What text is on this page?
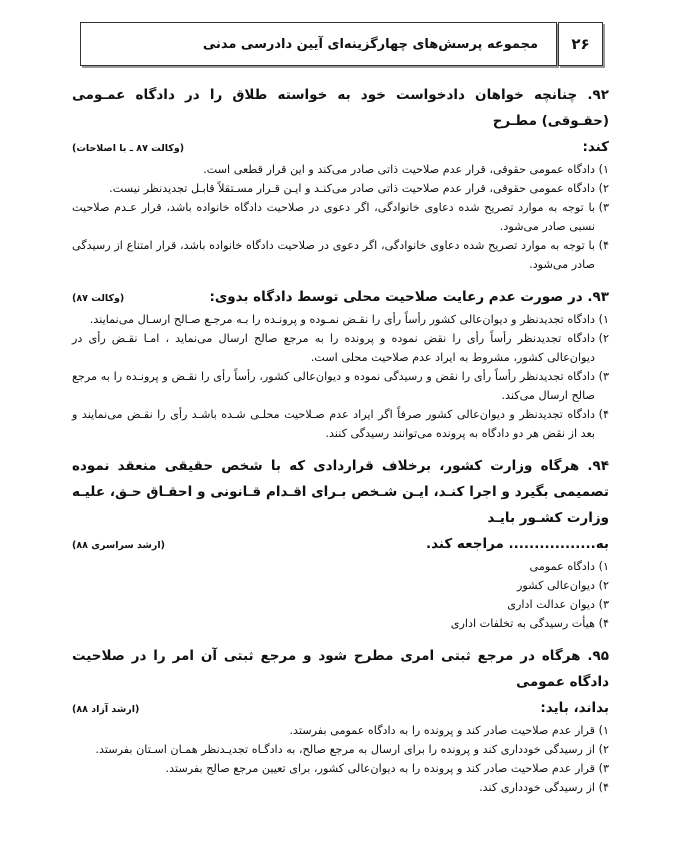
مجموعه پرسش‌های چهارگزینه‌ای آیین دادرسی مدنی ۲۶
۹۲. چنانچه خواهان دادخواست خود به خواسته طلاق را در دادگاه عمـومی (حقـوقی) مطـرح
کند:
(وکالت ۸۷ ـ با اصلاحات)
۱)
دادگاه عمومی حقوقی، قرار عدم صلاحیت ذاتی صادر می‌کند و این قرار قطعی است.
۲)
دادگاه عمومی حقوقی، قرار عدم صلاحیت ذاتی صادر می‌کنـد و ایـن قـرار مسـتقلاً قابـل تجدیدنظر نیست.
۳)
با توجه به موارد تصریح شده دعاوی خانوادگی، اگر دعوی در صلاحیت دادگاه خانواده باشد، قرار عـدم صلاحیت نسبی صادر می‌شود.
۴)
با توجه به موارد تصریح شده دعاوی خانوادگی، اگر دعوی در صلاحیت دادگاه خانواده باشد، قرار امتناع از رسیدگی صادر می‌شود.
۹۳. در صورت عدم رعایت صلاحیت محلی توسط دادگاه بدوی:
(وکالت ۸۷)
۱)
دادگاه تجدیدنظر و دیوان‌عالی کشور رأساً رأی را نقـض نمـوده و پرونـده را بـه مرجـع صـالح ارسـال می‌نمایند.
۲)
دادگاه تجدیدنظر رأساً رأی را نقض نموده و پرونده را به مرجع صالح ارسال می‌نماید ، امـا نقـض رأی در دیوان‌عالی کشور، مشروط به ایراد عدم صلاحیت محلی است.
۳)
دادگاه تجدیدنظر رأساً رأی را نقض و رسیدگی نموده و دیوان‌عالی کشور، رأساً رأی را نقـض و پرونـده را به مرجع صالح ارسال می‌کند.
۴)
دادگاه تجدیدنظر و دیوان‌عالی کشور صرفاً اگر ایراد عدم صـلاحیت محلـی شـده باشـد رأی را نقـض می‌نمایند و بعد از نقض هر دو دادگاه به پرونده می‌توانند رسیدگی کنند.
۹۴. هرگاه وزارت کشور، برخلاف قراردادی که با شخص حقیقی منعقد نموده تصمیمی بگیرد و اجرا کنـد، ایـن شـخص بـرای اقـدام قـانونی و احقـاق حـق، علیـه وزارت کشـور بایـد
به................. مراجعه کند.
(ارشد سراسری ۸۸)
۱)
دادگاه عمومی
۲)
دیوان‌عالی کشور
۳)
دیوان عدالت اداری
۴)
هیأت رسیدگی به تخلفات اداری
۹۵. هرگاه در مرجع ثبتی امری مطرح شود و مرجع ثبتی آن امر را در صلاحیت دادگاه عمومی
بداند، باید:
(ارشد آزاد ۸۸)
۱)
قرار عدم صلاحیت صادر کند و پرونده را به دادگاه عمومی بفرستد.
۲)
از رسیدگی خودداری کند و پرونده را برای ارسال به مرجع صالح، به دادگـاه تجدیـدنظر همـان اسـتان بفرستد.
۳)
قرار عدم صلاحیت صادر کند و پرونده را به دیوان‌عالی کشور، برای تعیین مرجع صالح بفرستد.
۴)
از رسیدگی خودداری کند.
